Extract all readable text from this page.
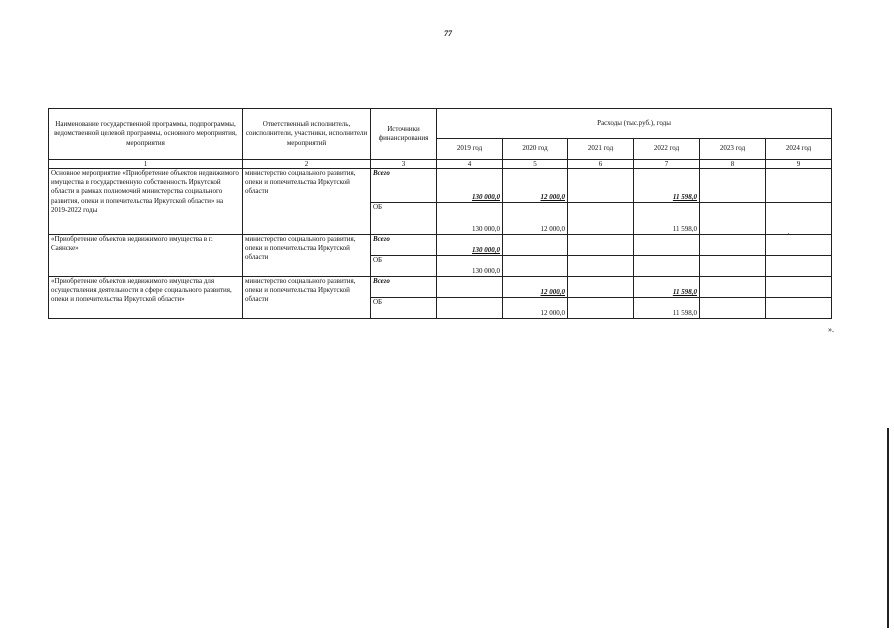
77
Наименование государственной программы, подпрограммы, ведомственной целевой программы, основного мероприятия, мероприятия	Ответственный исполнитель, соисполнители, участники, исполнители мероприятий	Источники финансирования	Расходы (тыс.руб.), годы					
			2019 год	2020 год	2021 год	2022 год	2023 год	2024 год
1	2	3	4	5	6	7	8	9
Основное мероприятие «Приобретение объектов недвижимого имущества в государственную собственность Иркутской области в рамках полномочий министерства социального развития, опеки и попечительства Иркутской области» на 2019-2022 годы	министерство социального развития, опеки и попечительства Иркутской области	Всего	130 000,0	12 000,0		11 598,0		
		ОБ	130 000,0	12 000,0		11 598,0		
«Приобретение объектов недвижимого имущества в г. Саянске»	министерство социального развития, опеки и попечительства Иркутской области	Всего	130 000,0					
		ОБ	130 000,0					
«Приобретение объектов недвижимого имущества для осуществления деятельности в сфере социального развития, опеки и попечительства Иркутской области»	министерство социального развития, опеки и попечительства Иркутской области	Всего		12 000,0		11 598,0		
		ОБ		12 000,0		11 598,0		
».
